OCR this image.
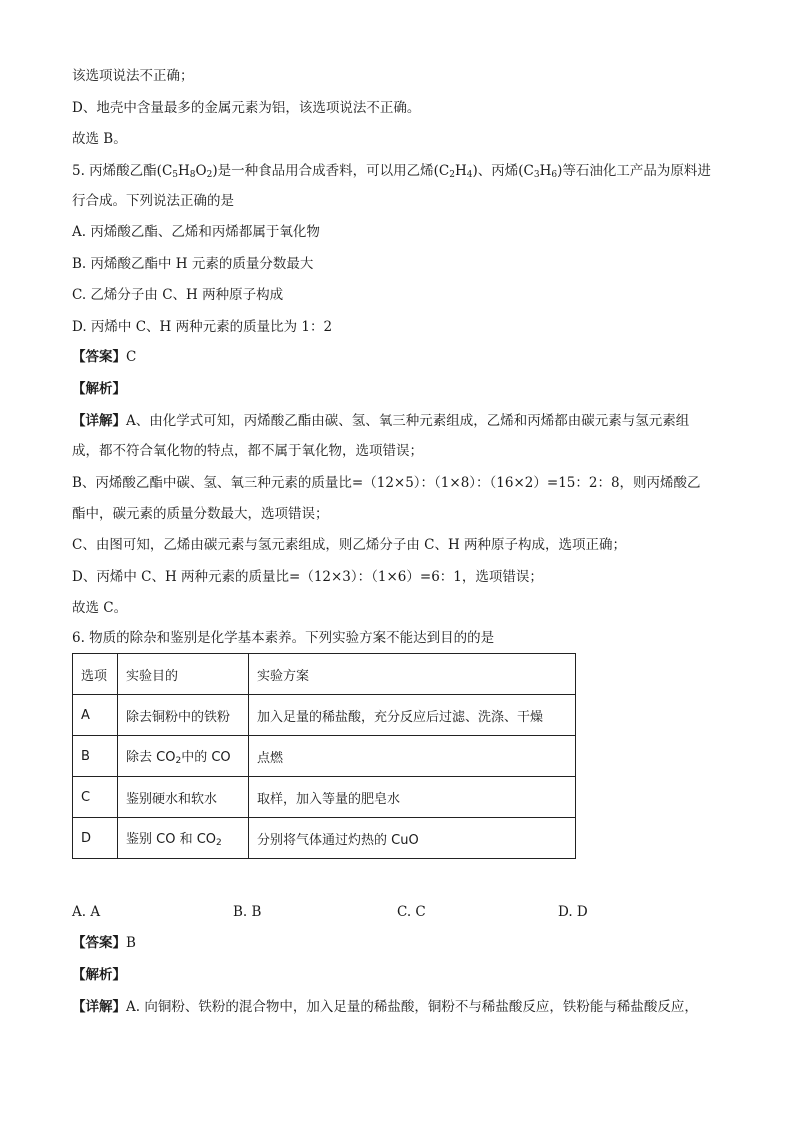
该选项说法不正确；
D、地壳中含量最多的金属元素为铝，该选项说法不正确。
故选 B。
5. 丙烯酸乙酯$(C_5H_8O_2)$是一种食品用合成香料，可以用乙烯$(C_2H_4)$、丙烯$(C_3H_6)$等石油化工产品为原料进
行合成。下列说法正确的是
A. 丙烯酸乙酯、乙烯和丙烯都属于氧化物
B. 丙烯酸乙酯中 H 元素的质量分数最大
C. 乙烯分子由 C、H 两种原子构成
D. 丙烯中 C、H 两种元素的质量比为 1：2
【答案】C
【解析】
【详解】A、由化学式可知，丙烯酸乙酯由碳、氢、氧三种元素组成，乙烯和丙烯都由碳元素与氢元素组
成，都不符合氧化物的特点，都不属于氧化物，选项错误；
B、丙烯酸乙酯中碳、氢、氧三种元素的质量比=（12×5）：（1×8）：（16×2）=15：2：8，则丙烯酸乙
酯中，碳元素的质量分数最大，选项错误；
C、由图可知，乙烯由碳元素与氢元素组成，则乙烯分子由 C、H 两种原子构成，选项正确；
D、丙烯中 C、H 两种元素的质量比=（12×3）：（1×6）=6：1，选项错误；
故选 C。
6. 物质的除杂和鉴别是化学基本素养。下列实验方案不能达到目的的是
选项	实验目的	实验方案
A	除去铜粉中的铁粉	加入足量的稀盐酸，充分反应后过滤、洗涤、干燥
B	除去 $CO_2$中的 CO	点燃
C	鉴别硬水和软水	取样，加入等量的肥皂水
D	鉴别 CO 和 $CO_2$	分别将气体通过灼热的 CuO
A. A	B. B	C. C	D. D
【答案】B
【解析】
【详解】A. 向铜粉、铁粉的混合物中，加入足量的稀盐酸，铜粉不与稀盐酸反应，铁粉能与稀盐酸反应，
